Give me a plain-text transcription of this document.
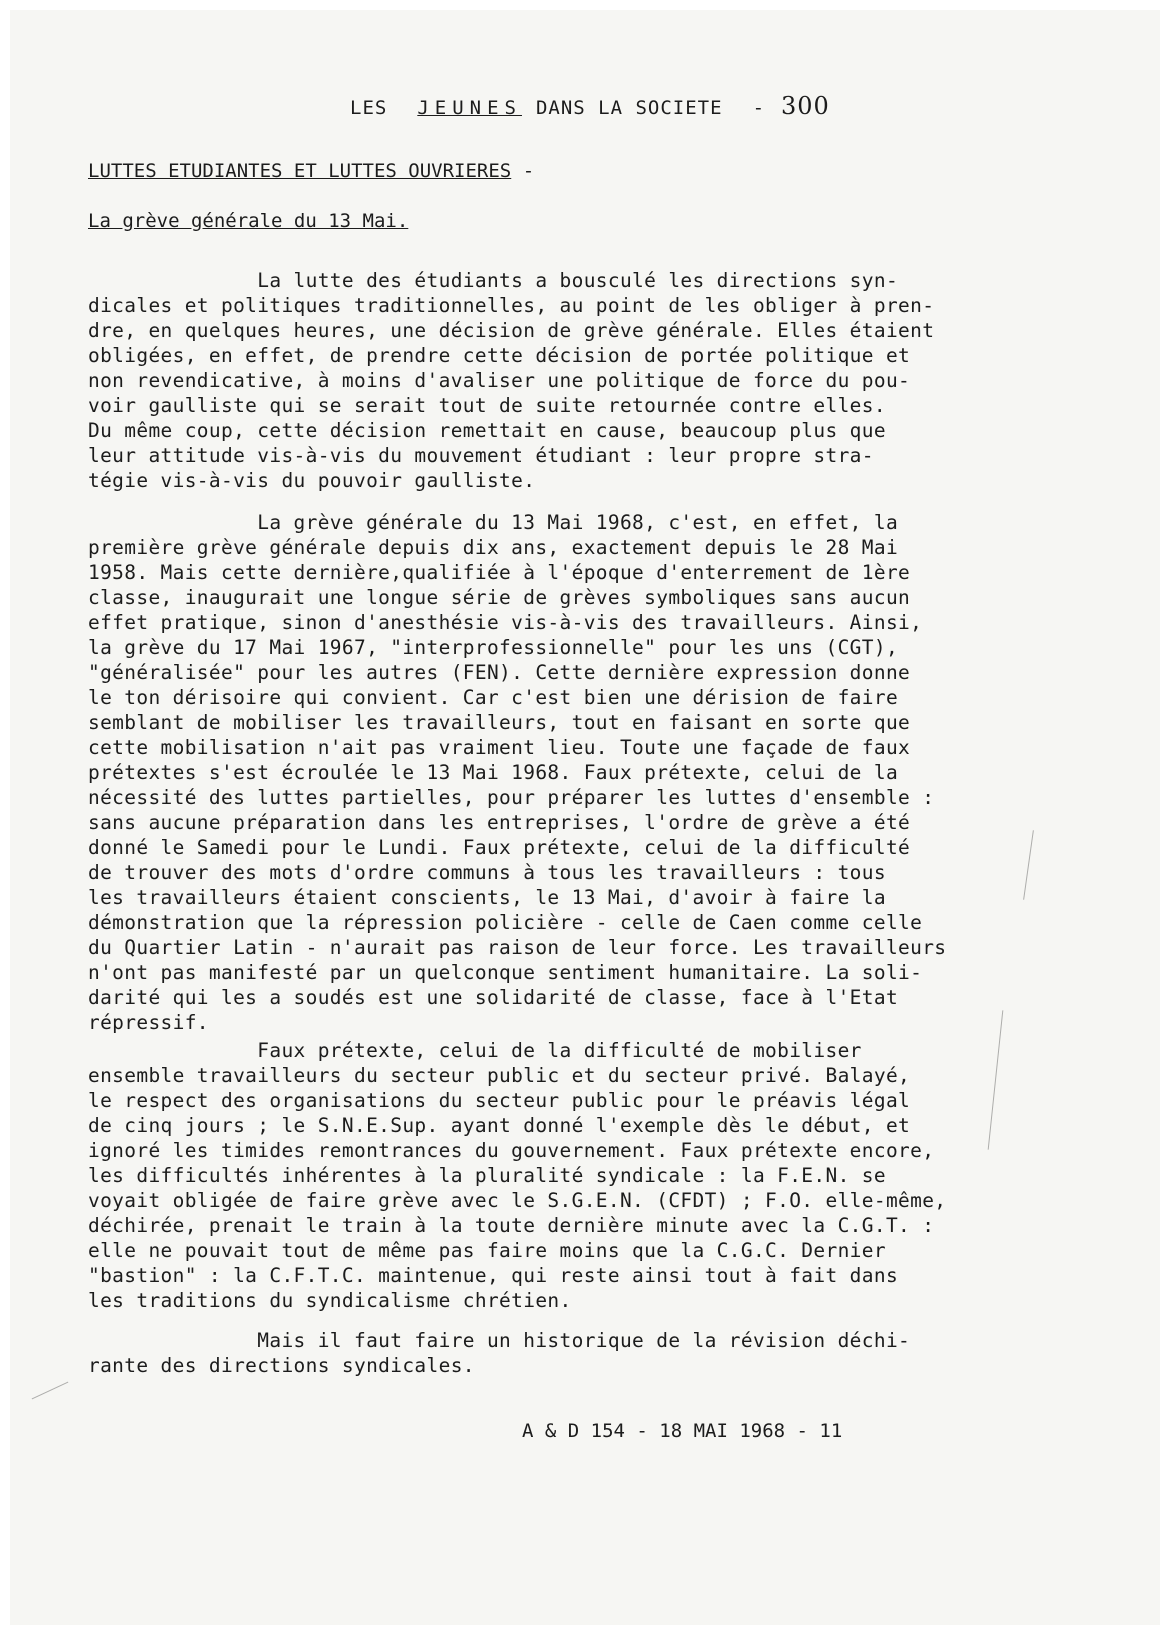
LES JEUNES DANS LA SOCIETE - 300
LUTTES ETUDIANTES ET LUTTES OUVRIERES -
La grève générale du 13 Mai.
La lutte des étudiants a bousculé les directions syn-
dicales et politiques traditionnelles, au point de les obliger à pren-
dre, en quelques heures, une décision de grève générale. Elles étaient
obligées, en effet, de prendre cette décision de portée politique et
non revendicative, à moins d'avaliser une politique de force du pou-
voir gaulliste qui se serait tout de suite retournée contre elles.
Du même coup, cette décision remettait en cause, beaucoup plus que
leur attitude vis-à-vis du mouvement étudiant : leur propre stra-
tégie vis-à-vis du pouvoir gaulliste.
La grève générale du 13 Mai 1968, c'est, en effet, la
première grève générale depuis dix ans, exactement depuis le 28 Mai
1958. Mais cette dernière,qualifiée à l'époque d'enterrement de 1ère
classe, inaugurait une longue série de grèves symboliques sans aucun
effet pratique, sinon d'anesthésie vis-à-vis des travailleurs. Ainsi,
la grève du 17 Mai 1967, "interprofessionnelle" pour les uns (CGT),
"généralisée" pour les autres (FEN). Cette dernière expression donne
le ton dérisoire qui convient. Car c'est bien une dérision de faire
semblant de mobiliser les travailleurs, tout en faisant en sorte que
cette mobilisation n'ait pas vraiment lieu. Toute une façade de faux
prétextes s'est écroulée le 13 Mai 1968. Faux prétexte, celui de la
nécessité des luttes partielles, pour préparer les luttes d'ensemble :
sans aucune préparation dans les entreprises, l'ordre de grève a été
donné le Samedi pour le Lundi. Faux prétexte, celui de la difficulté
de trouver des mots d'ordre communs à tous les travailleurs : tous
les travailleurs étaient conscients, le 13 Mai, d'avoir à faire la
démonstration que la répression policière - celle de Caen comme celle
du Quartier Latin - n'aurait pas raison de leur force. Les travailleurs
n'ont pas manifesté par un quelconque sentiment humanitaire. La soli-
darité qui les a soudés est une solidarité de classe, face à l'Etat
répressif.
Faux prétexte, celui de la difficulté de mobiliser
ensemble travailleurs du secteur public et du secteur privé. Balayé,
le respect des organisations du secteur public pour le préavis légal
de cinq jours ; le S.N.E.Sup. ayant donné l'exemple dès le début, et
ignoré les timides remontrances du gouvernement. Faux prétexte encore,
les difficultés inhérentes à la pluralité syndicale : la F.E.N. se
voyait obligée de faire grève avec le S.G.E.N. (CFDT) ; F.O. elle-même,
déchirée, prenait le train à la toute dernière minute avec la C.G.T. :
elle ne pouvait tout de même pas faire moins que la C.G.C. Dernier
"bastion" : la C.F.T.C. maintenue, qui reste ainsi tout à fait dans
les traditions du syndicalisme chrétien.
Mais il faut faire un historique de la révision déchi-
rante des directions syndicales.
A & D 154 - 18 MAI 1968 - 11
